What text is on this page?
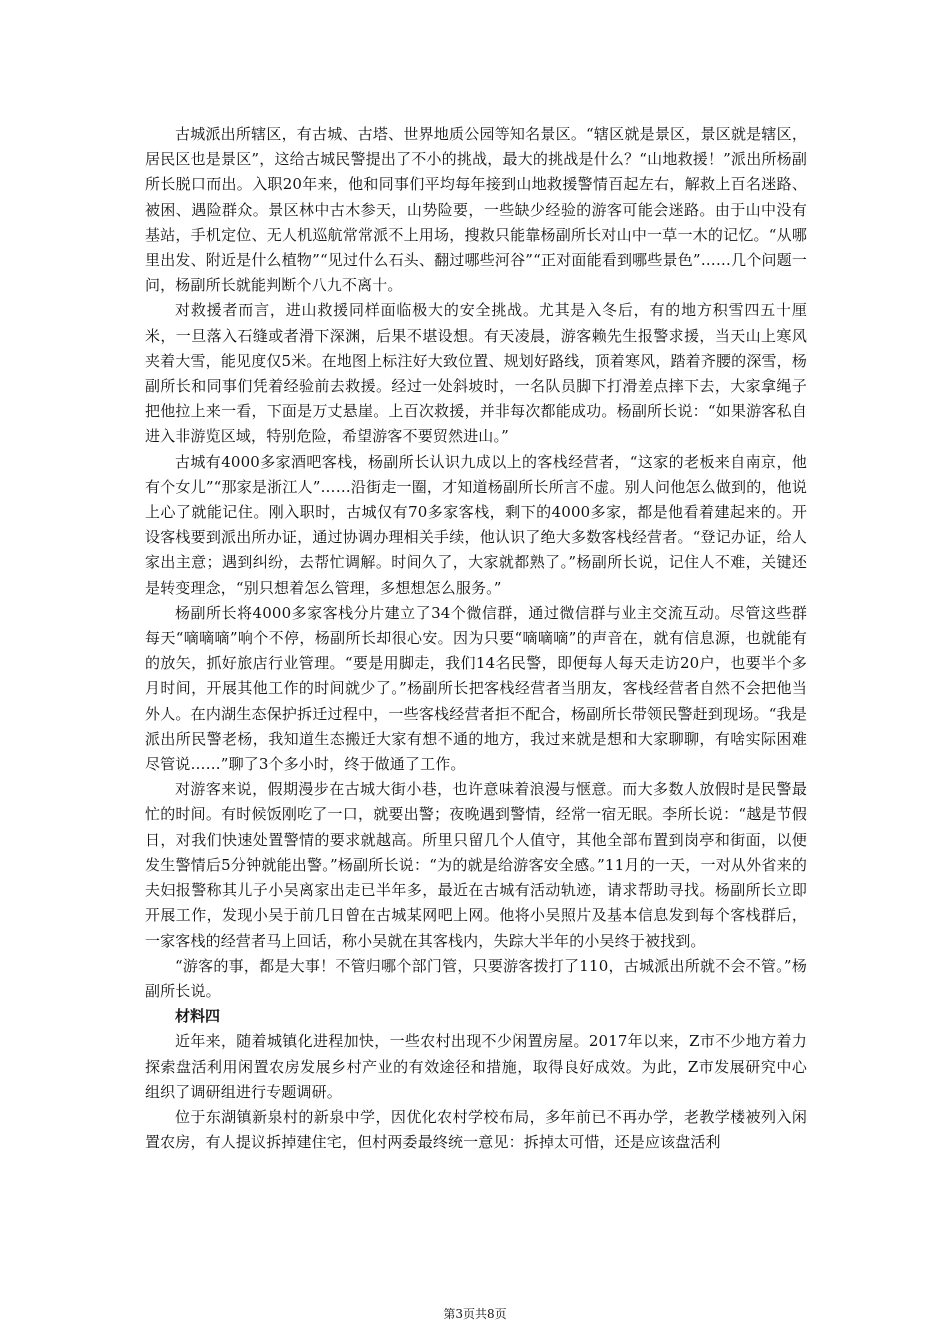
古城派出所辖区，有古城、古塔、世界地质公园等知名景区。“辖区就是景区，景区就是辖区，居民区也是景区”，这给古城民警提出了不小的挑战，最大的挑战是什么？“山地救援！”派出所杨副所长脱口而出。入职20年来，他和同事们平均每年接到山地救援警情百起左右，解救上百名迷路、被困、遇险群众。景区林中古木参天，山势险要，一些缺少经验的游客可能会迷路。由于山中没有基站，手机定位、无人机巡航常常派不上用场，搜救只能靠杨副所长对山中一草一木的记忆。“从哪里出发、附近是什么植物”“见过什么石头、翻过哪些河谷”“正对面能看到哪些景色”……几个问题一问，杨副所长就能判断个八九不离十。

对救援者而言，进山救援同样面临极大的安全挑战。尤其是入冬后，有的地方积雪四五十厘米，一旦落入石缝或者滑下深渊，后果不堪设想。有天凌晨，游客赖先生报警求援，当天山上寒风夹着大雪，能见度仅5米。在地图上标注好大致位置、规划好路线，顶着寒风，踏着齐腰的深雪，杨副所长和同事们凭着经验前去救援。经过一处斜坡时，一名队员脚下打滑差点摔下去，大家拿绳子把他拉上来一看，下面是万丈悬崖。上百次救援，并非每次都能成功。杨副所长说：“如果游客私自进入非游览区域，特别危险，希望游客不要贸然进山。”

古城有4000多家酒吧客栈，杨副所长认识九成以上的客栈经营者，“这家的老板来自南京，他有个女儿”“那家是浙江人”……沿街走一圈，才知道杨副所长所言不虚。别人问他怎么做到的，他说上心了就能记住。刚入职时，古城仅有70多家客栈，剩下的4000多家，都是他看着建起来的。开设客栈要到派出所办证，通过协调办理相关手续，他认识了绝大多数客栈经营者。“登记办证，给人家出主意；遇到纠纷，去帮忙调解。时间久了，大家就都熟了。”杨副所长说，记住人不难，关键还是转变理念，“别只想着怎么管理，多想想怎么服务。”

杨副所长将4000多家客栈分片建立了34个微信群，通过微信群与业主交流互动。尽管这些群每天“嘀嘀嘀”响个不停，杨副所长却很心安。因为只要“嘀嘀嘀”的声音在，就有信息源，也就能有的放矢，抓好旅店行业管理。“要是用脚走，我们14名民警，即便每人每天走访20户，也要半个多月时间，开展其他工作的时间就少了。”杨副所长把客栈经营者当朋友，客栈经营者自然不会把他当外人。在内湖生态保护拆迁过程中，一些客栈经营者拒不配合，杨副所长带领民警赶到现场。“我是派出所民警老杨，我知道生态搬迁大家有想不通的地方，我过来就是想和大家聊聊，有啥实际困难尽管说……”聊了3个多小时，终于做通了工作。

对游客来说，假期漫步在古城大街小巷，也许意味着浪漫与惬意。而大多数人放假时是民警最忙的时间。有时候饭刚吃了一口，就要出警；夜晚遇到警情，经常一宿无眠。李所长说：“越是节假日，对我们快速处置警情的要求就越高。所里只留几个人值守，其他全部布置到岗亭和街面，以便发生警情后5分钟就能出警。”杨副所长说：“为的就是给游客安全感。”11月的一天，一对从外省来的夫妇报警称其儿子小吴离家出走已半年多，最近在古城有活动轨迹，请求帮助寻找。杨副所长立即开展工作，发现小吴于前几日曾在古城某网吧上网。他将小吴照片及基本信息发到每个客栈群后，一家客栈的经营者马上回话，称小吴就在其客栈内，失踪大半年的小吴终于被找到。

“游客的事，都是大事！不管归哪个部门管，只要游客拨打了110，古城派出所就不会不管。”杨副所长说。

材料四

近年来，随着城镇化进程加快，一些农村出现不少闲置房屋。2017年以来，Z市不少地方着力探索盘活利用闲置农房发展乡村产业的有效途径和措施，取得良好成效。为此，Z市发展研究中心组织了调研组进行专题调研。

位于东湖镇新泉村的新泉中学，因优化农村学校布局，多年前已不再办学，老教学楼被列入闲置农房，有人提议拆掉建住宅，但村两委最终统一意见：拆掉太可惜，还是应该盘活利

第3页共8页
